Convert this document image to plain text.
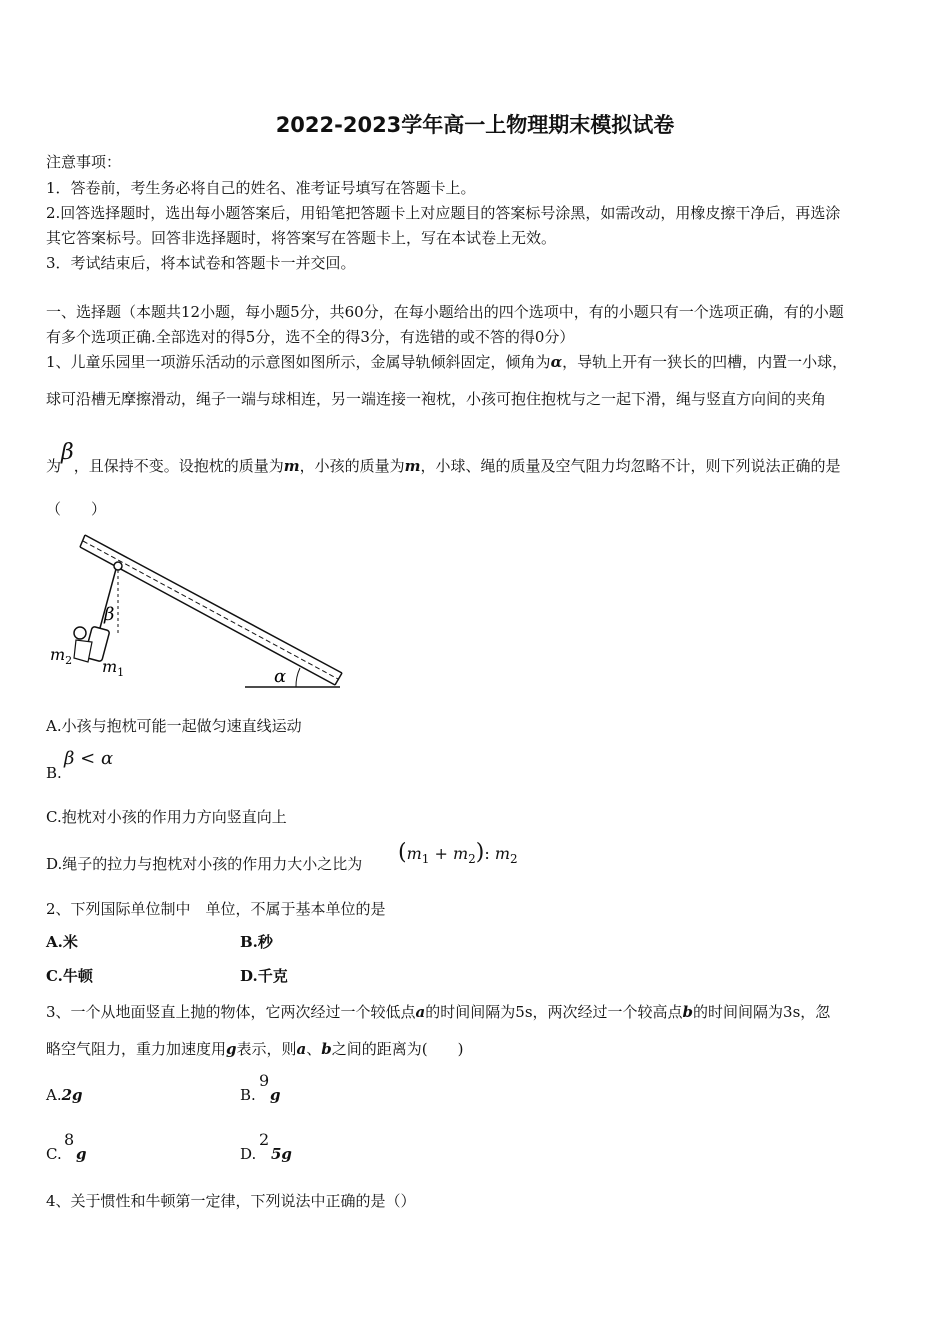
2022-2023学年高一上物理期末模拟试卷
注意事项：
1．答卷前，考生务必将自己的姓名、准考证号填写在答题卡上。
2.回答选择题时，选出每小题答案后，用铅笔把答题卡上对应题目的答案标号涂黑，如需改动，用橡皮擦干净后，再选涂
其它答案标号。回答非选择题时，将答案写在答题卡上，写在本试卷上无效。
3．考试结束后，将本试卷和答题卡一并交回。
一、选择题（本题共12小题，每小题5分，共60分，在每小题给出的四个选项中，有的小题只有一个选项正确，有的小题
有多个选项正确.全部选对的得5分，选不全的得3分，有选错的或不答的得0分）
1、儿童乐园里一项游乐活动的示意图如图所示，金属导轨倾斜固定，倾角为α，导轨上开有一狭长的凹槽，内置一小球，
球可沿槽无摩擦滑动，绳子一端与球相连，另一端连接一袍枕，小孩可抱住抱枕与之一起下滑，绳与竖直方向间的夹角
为β，且保持不变。设抱枕的质量为m，小孩的质量为m，小球、绳的质量及空气阻力均忽略不计，则下列说法正确的是
（　　）
β
α
$m_2$ $m_1$
A.小孩与抱枕可能一起做匀速直线运动
B.
β < α
C.抱枕对小孩的作用力方向竖直向上
D.绳子的拉力与抱枕对小孩的作用力大小之比为 $(m_1 + m_2)$: $m_2$
2、下列国际单位制中　单位，不属于基本单位的是
A.米	B.秒
C.牛顿	D.千克
3、一个从地面竖直上抛的物体，它两次经过一个较低点a的时间间隔为5s，两次经过一个较高点b的时间间隔为3s，忽
略空气阻力，重力加速度用g表示，则a、b之间的距离为(　　)
A.2g	B.
9
g
C.
8
g	D.
2
5g
4、关于惯性和牛顿第一定律，下列说法中正确的是（）
